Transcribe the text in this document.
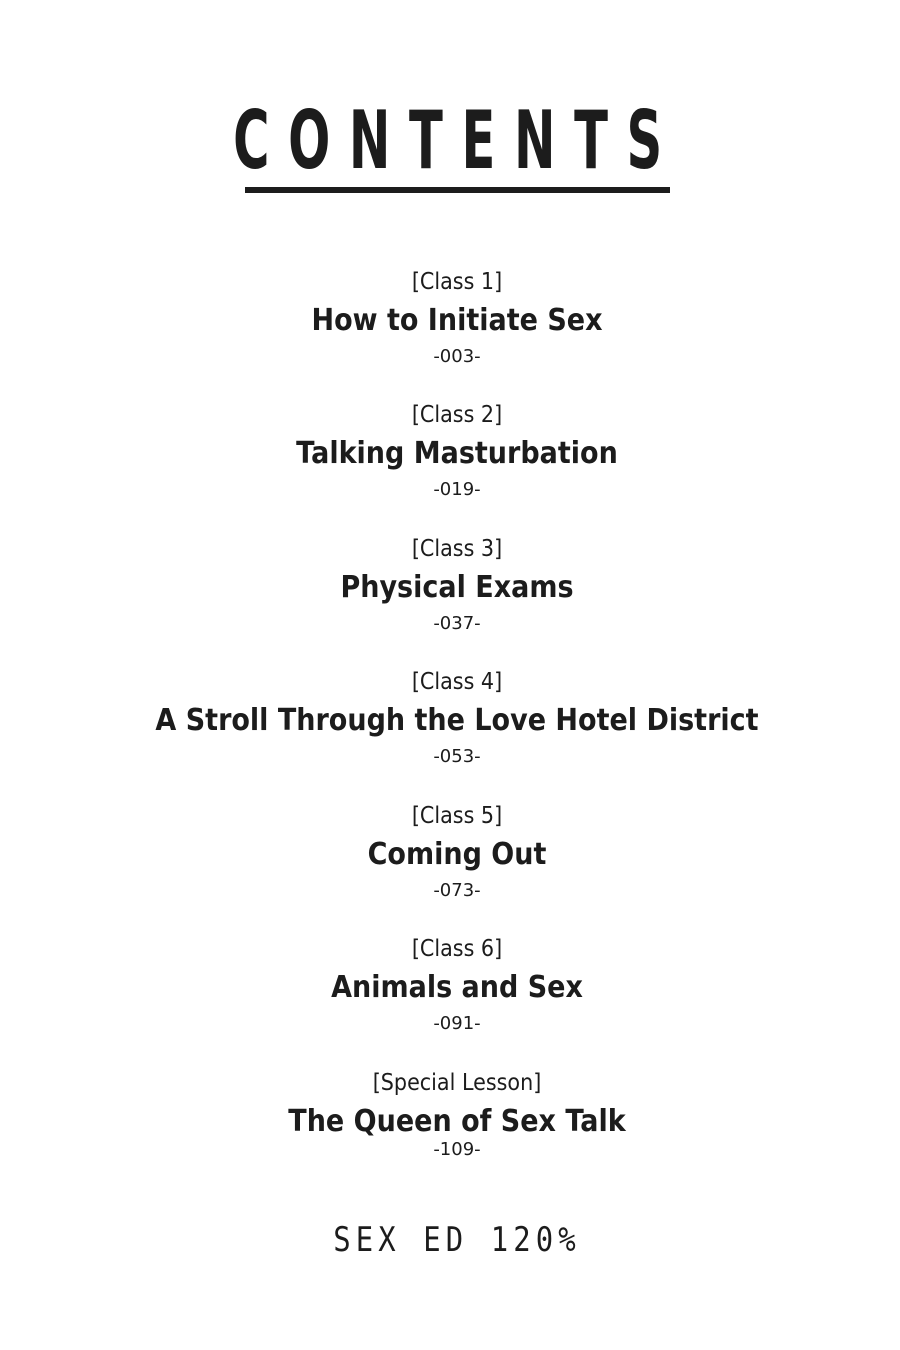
CONTENTS
[Class 1]
How to Initiate Sex
-003-
[Class 2]
Talking Masturbation
-019-
[Class 3]
Physical Exams
-037-
[Class 4]
A Stroll Through the Love Hotel District
-053-
[Class 5]
Coming Out
-073-
[Class 6]
Animals and Sex
-091-
[Special Lesson]
The Queen of Sex Talk
-109-
SEX ED 120%
